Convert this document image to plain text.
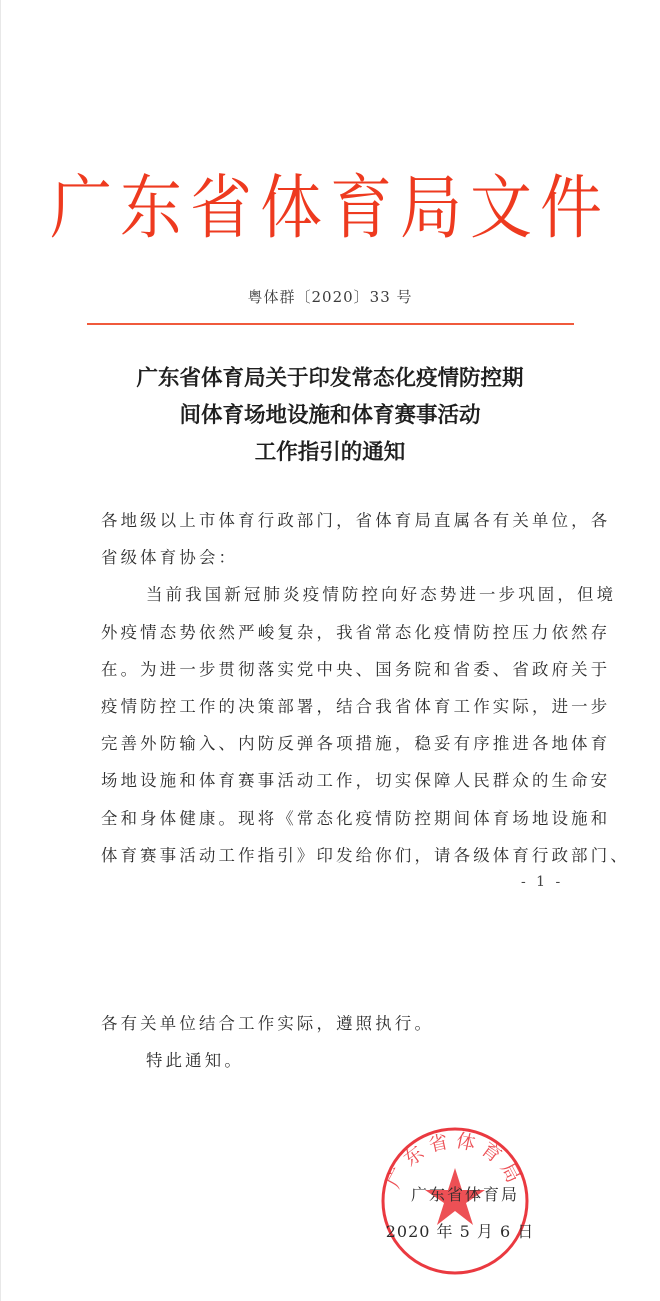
广东省体育局文件
粤体群〔2020〕33 号
广东省体育局关于印发常态化疫情防控期
间体育场地设施和体育赛事活动
工作指引的通知
各地级以上市体育行政部门，省体育局直属各有关单位，各
省级体育协会：
当前我国新冠肺炎疫情防控向好态势进一步巩固，但境
外疫情态势依然严峻复杂，我省常态化疫情防控压力依然存
在。为进一步贯彻落实党中央、国务院和省委、省政府关于
疫情防控工作的决策部署，结合我省体育工作实际，进一步
完善外防输入、内防反弹各项措施，稳妥有序推进各地体育
场地设施和体育赛事活动工作，切实保障人民群众的生命安
全和身体健康。现将《常态化疫情防控期间体育场地设施和
体育赛事活动工作指引》印发给你们，请各级体育行政部门、
- 1 -
各有关单位结合工作实际，遵照执行。
特此通知。
广东省体育局
广东省体育局
2020 年 5 月 6 日
